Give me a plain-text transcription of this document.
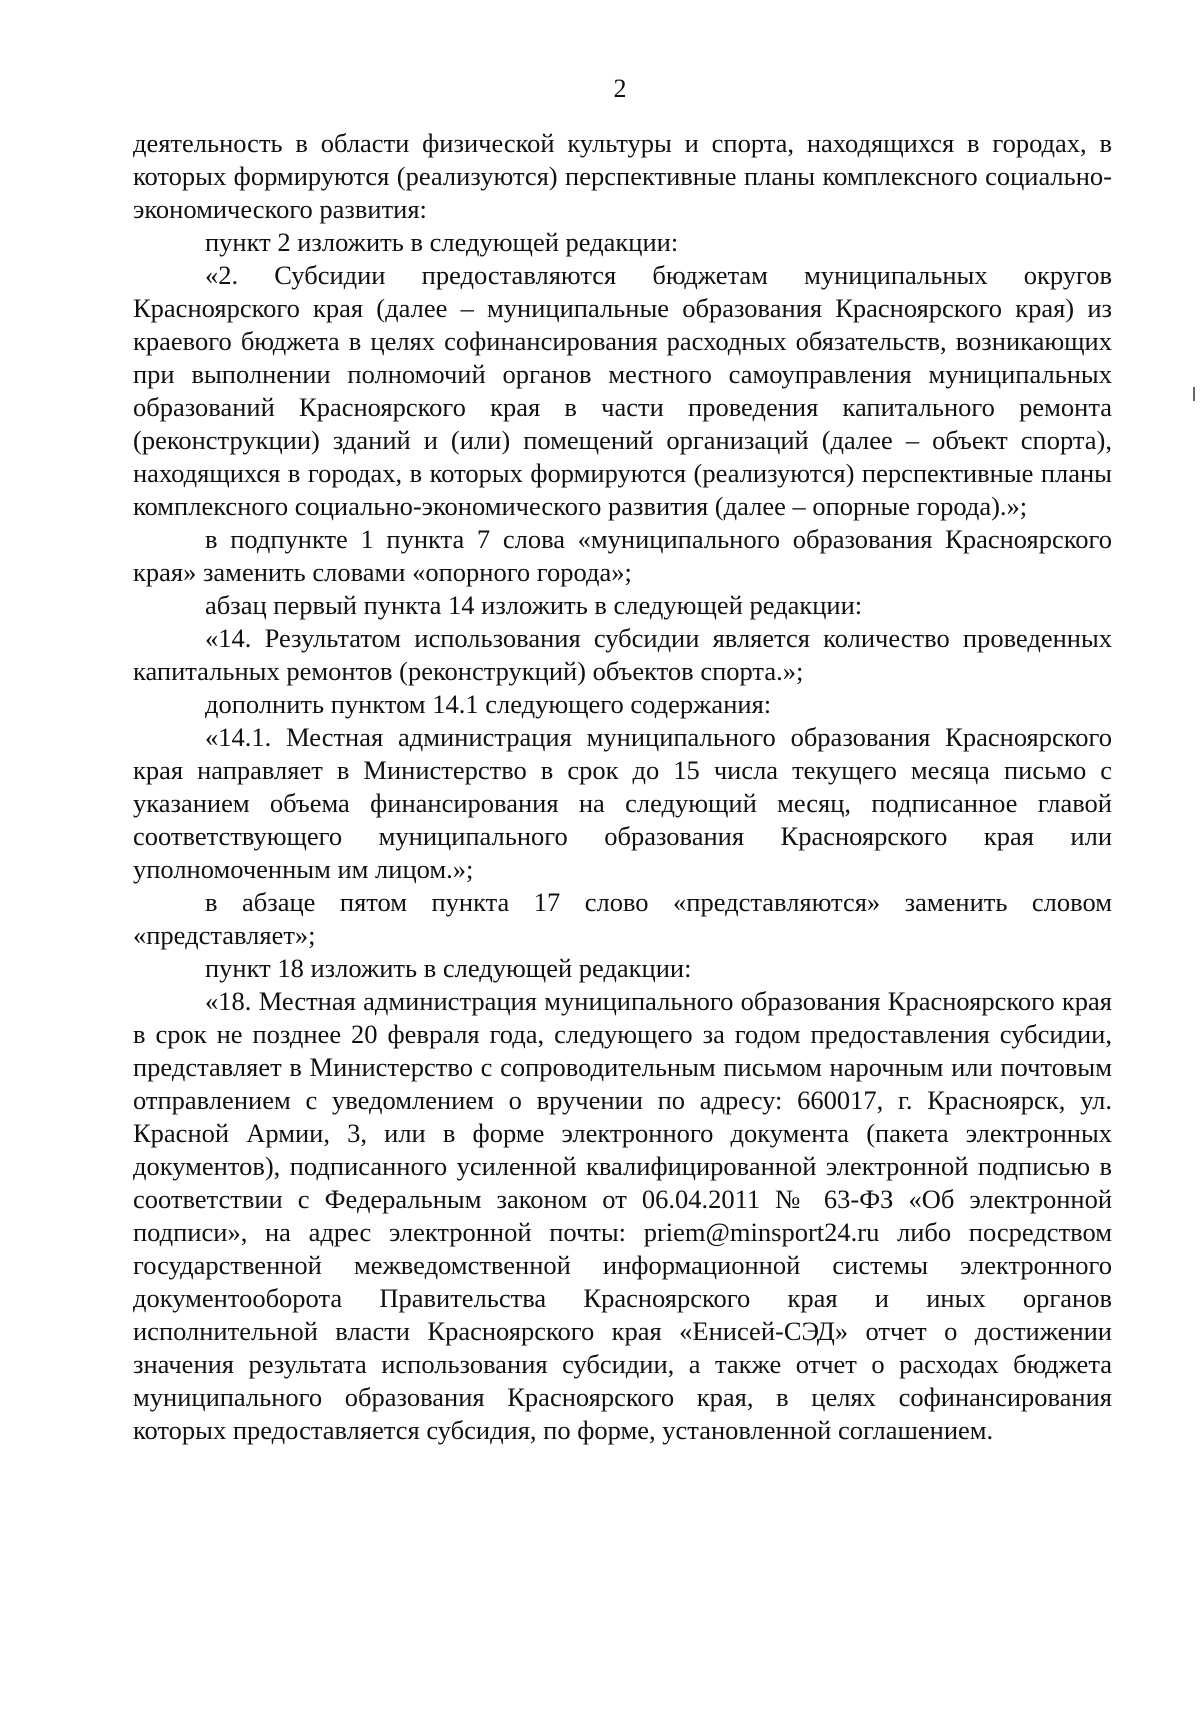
2

деятельность в области физической культуры и спорта, находящихся в городах, в которых формируются (реализуются) перспективные планы комплексного социально-экономического развития:

пункт 2 изложить в следующей редакции:

«2. Субсидии предоставляются бюджетам муниципальных округов Красноярского края (далее – муниципальные образования Красноярского края) из краевого бюджета в целях софинансирования расходных обязательств, возникающих при выполнении полномочий органов местного самоуправления муниципальных образований Красноярского края в части проведения капитального ремонта (реконструкции) зданий и (или) помещений организаций (далее – объект спорта), находящихся в городах, в которых формируются (реализуются) перспективные планы комплексного социально-экономического развития (далее – опорные города).»;

в подпункте 1 пункта 7 слова «муниципального образования Красноярского края» заменить словами «опорного города»;

абзац первый пункта 14 изложить в следующей редакции:

«14. Результатом использования субсидии является количество проведенных капитальных ремонтов (реконструкций) объектов спорта.»;

дополнить пунктом 14.1 следующего содержания:

«14.1. Местная администрация муниципального образования Красноярского края направляет в Министерство в срок до 15 числа текущего месяца письмо с указанием объема финансирования на следующий месяц, подписанное главой соответствующего муниципального образования Красноярского края или уполномоченным им лицом.»;

в абзаце пятом пункта 17 слово «представляются» заменить словом «представляет»;

пункт 18 изложить в следующей редакции:

«18. Местная администрация муниципального образования Красноярского края в срок не позднее 20 февраля года, следующего за годом предоставления субсидии, представляет в Министерство с сопроводительным письмом нарочным или почтовым отправлением с уведомлением о вручении по адресу: 660017, г. Красноярск, ул. Красной Армии, 3, или в форме электронного документа (пакета электронных документов), подписанного усиленной квалифицированной электронной подписью в соответствии с Федеральным законом от 06.04.2011 № 63-ФЗ «Об электронной подписи», на адрес электронной почты: priem@minsport24.ru либо посредством государственной межведомственной информационной системы электронного документооборота Правительства Красноярского края и иных органов исполнительной власти Красноярского края «Енисей-СЭД» отчет о достижении значения результата использования субсидии, а также отчет о расходах бюджета муниципального образования Красноярского края, в целях софинансирования которых предоставляется субсидия, по форме, установленной соглашением.
